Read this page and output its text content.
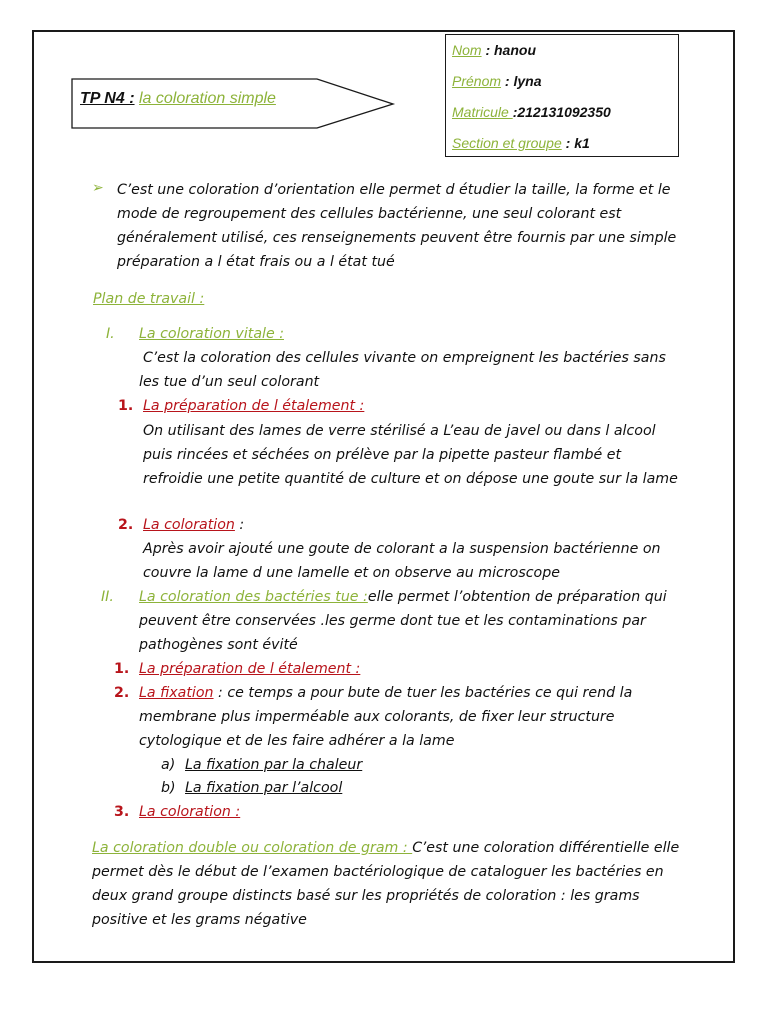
Nom : hanou
Prénom : lyna
Matricule :212131092350
Section et groupe : k1
TP N4 : la coloration simple
➢ C’est une coloration d’orientation elle permet d étudier la taille, la forme et le mode de regroupement des cellules bactérienne, une seul colorant est généralement utilisé, ces renseignements peuvent être fournis par une simple préparation a l état frais ou a l état tué
Plan de travail :
I. La coloration vitale :
C’est la coloration des cellules vivante on empreignent les bactéries sans les tue d’un seul colorant
1. La préparation de l étalement :
On utilisant des lames de verre stérilisé a L’eau de javel ou dans l alcool puis rincées et séchées on prélève par la pipette pasteur flambé et refroidie une petite quantité de culture et on dépose une goute sur la lame
2. La coloration :
Après avoir ajouté une goute de colorant a la suspension bactérienne on couvre la lame d une lamelle et on observe au microscope
II. La coloration des bactéries tue :elle permet l’obtention de préparation qui peuvent être conservées .les germe dont tue et les contaminations par pathogènes sont évité
1. La préparation de l étalement :
2. La fixation : ce temps a pour bute de tuer les bactéries ce qui rend la membrane plus imperméable aux colorants, de fixer leur structure cytologique et de les faire adhérer a la lame
a) La fixation par la chaleur
b) La fixation par l’alcool
3. La coloration :
La coloration double ou coloration de gram : C’est une coloration différentielle elle permet dès le début de l’examen bactériologique de cataloguer les bactéries en deux grand groupe distincts basé sur les propriétés de coloration : les grams positive et les grams négative
